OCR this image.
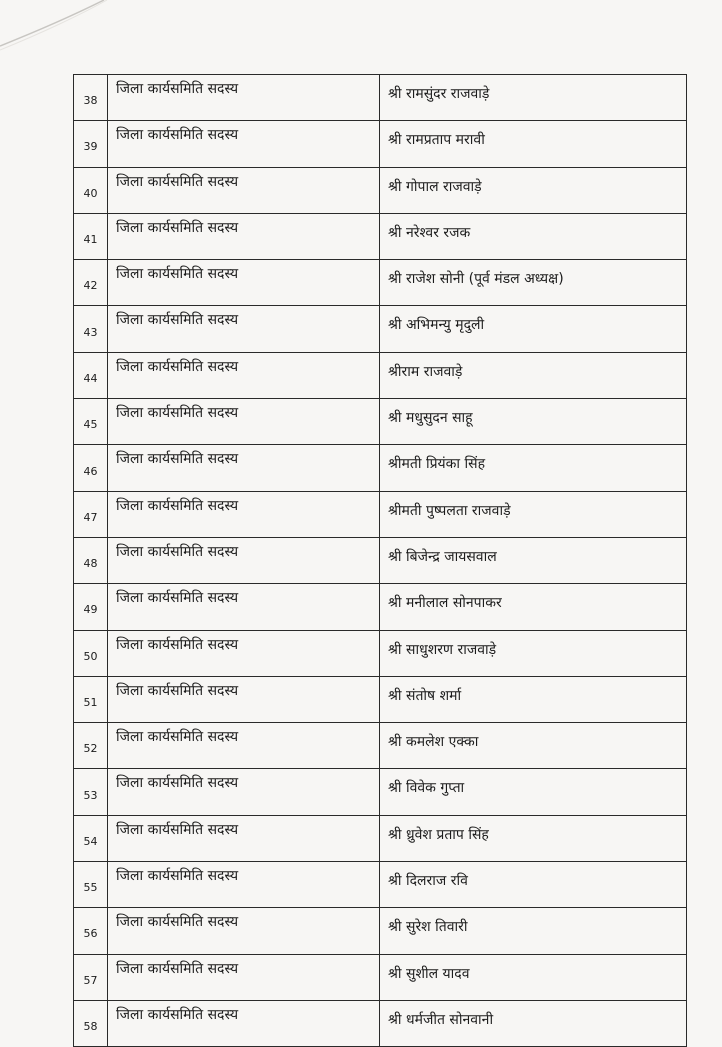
38	जिला कार्यसमिति सदस्य	श्री रामसुंदर राजवाड़े
39	जिला कार्यसमिति सदस्य	श्री रामप्रताप मरावी
40	जिला कार्यसमिति सदस्य	श्री गोपाल राजवाड़े
41	जिला कार्यसमिति सदस्य	श्री नरेश्वर रजक
42	जिला कार्यसमिति सदस्य	श्री राजेश सोनी (पूर्व मंडल अध्यक्ष)
43	जिला कार्यसमिति सदस्य	श्री अभिमन्यु मृदुली
44	जिला कार्यसमिति सदस्य	श्रीराम राजवाड़े
45	जिला कार्यसमिति सदस्य	श्री मधुसुदन साहू
46	जिला कार्यसमिति सदस्य	श्रीमती प्रियंका सिंह
47	जिला कार्यसमिति सदस्य	श्रीमती पुष्पलता राजवाड़े
48	जिला कार्यसमिति सदस्य	श्री बिजेन्द्र जायसवाल
49	जिला कार्यसमिति सदस्य	श्री मनीलाल सोनपाकर
50	जिला कार्यसमिति सदस्य	श्री साधुशरण राजवाड़े
51	जिला कार्यसमिति सदस्य	श्री संतोष शर्मा
52	जिला कार्यसमिति सदस्य	श्री कमलेश एक्का
53	जिला कार्यसमिति सदस्य	श्री विवेक गुप्ता
54	जिला कार्यसमिति सदस्य	श्री ध्रुवेश प्रताप सिंह
55	जिला कार्यसमिति सदस्य	श्री दिलराज रवि
56	जिला कार्यसमिति सदस्य	श्री सुरेश तिवारी
57	जिला कार्यसमिति सदस्य	श्री सुशील यादव
58	जिला कार्यसमिति सदस्य	श्री धर्मजीत सोनवानी
